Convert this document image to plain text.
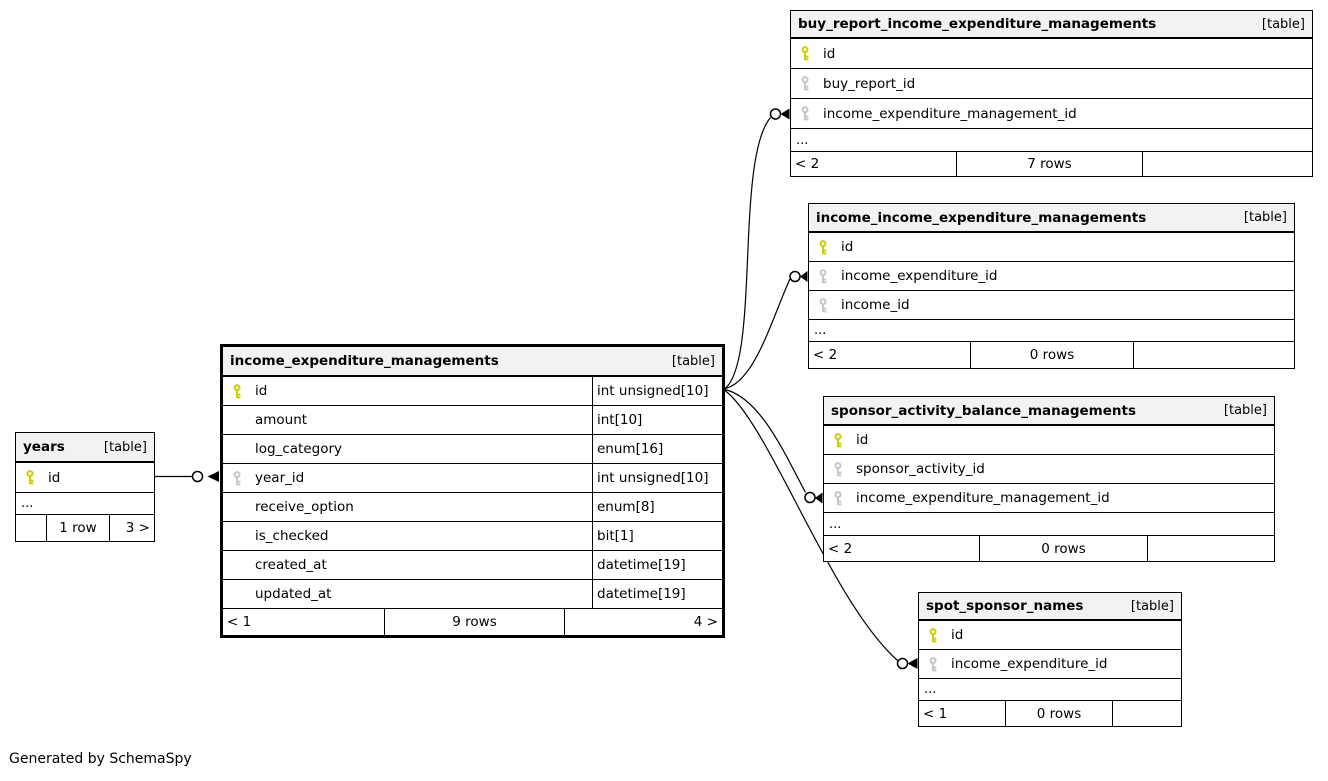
income_expenditure_managements	[table]
id	int unsigned[10]
amount	int[10]
log_category	enum[16]
year_id	int unsigned[10]
receive_option	enum[8]
is_checked	bit[1]
created_at	datetime[19]
updated_at	datetime[19]
< 1	9 rows	4 >
years	[table]
id
...
1 row	3 >
buy_report_income_expenditure_managements	[table]
id
buy_report_id
income_expenditure_management_id
...
< 2	7 rows
income_income_expenditure_managements	[table]
id
income_expenditure_id
income_id
...
< 2	0 rows
sponsor_activity_balance_managements	[table]
id
sponsor_activity_id
income_expenditure_management_id
...
< 2	0 rows
spot_sponsor_names	[table]
id
income_expenditure_id
...
< 1	0 rows
Generated by SchemaSpy
